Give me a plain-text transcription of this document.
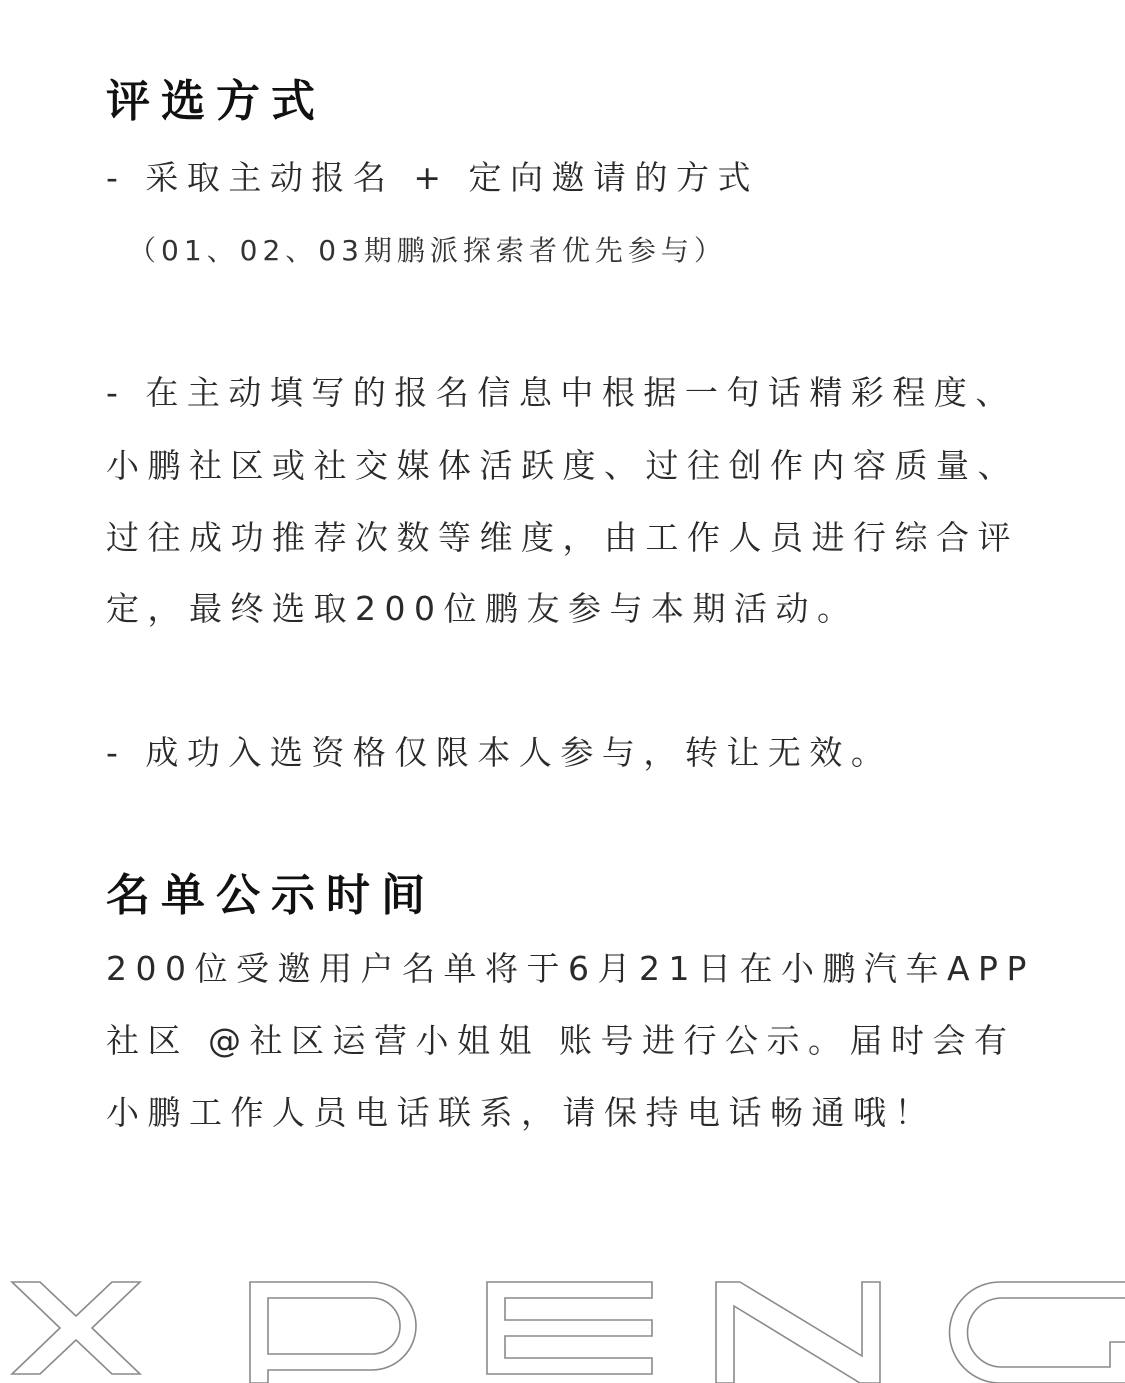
评选方式
- 采取主动报名 + 定向邀请的方式
（01、02、03期鹏派探索者优先参与）
- 在主动填写的报名信息中根据一句话精彩程度、
小鹏社区或社交媒体活跃度、过往创作内容质量、
过往成功推荐次数等维度，由工作人员进行综合评
定，最终选取200位鹏友参与本期活动。
- 成功入选资格仅限本人参与，转让无效。
名单公示时间
200位受邀用户名单将于6月21日在小鹏汽车APP
社区 @社区运营小姐姐 账号进行公示。届时会有
小鹏工作人员电话联系，请保持电话畅通哦！
